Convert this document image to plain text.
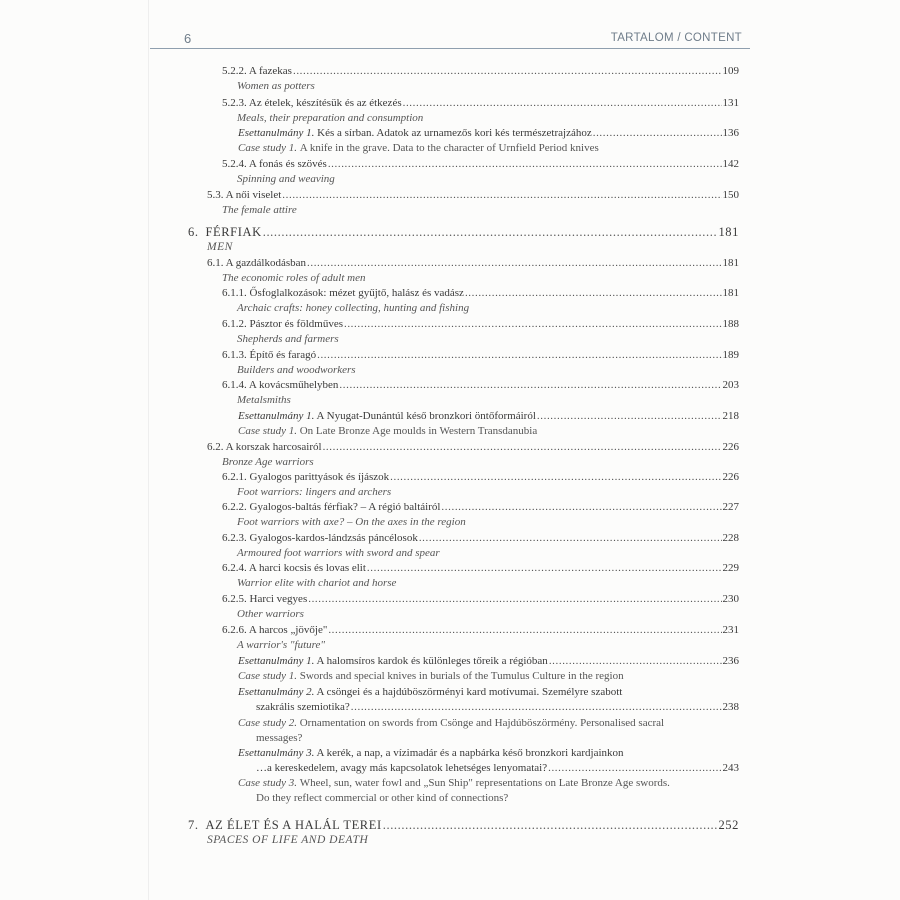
6	TARTALOM / CONTENT
5.2.2. A fazekas .....	109
Women as potters
5.2.3. Az ételek, készítésük és az étkezés .....	131
Meals, their preparation and consumption
Esettanulmány 1. Kés a sírban. Adatok az urnamezős kori kés természetrajzához .....	136
Case study 1. A knife in the grave. Data to the character of Urnfield Period knives
5.2.4. A fonás és szövés .....	142
Spinning and weaving
5.3. A női viselet .....	150
The female attire
6.  FÉRFIAK .....	181
MEN
6.1. A gazdálkodásban .....	181
The economic roles of adult men
6.1.1. Ősfoglalkozások: mézet gyűjtő, halász és vadász .....	181
Archaic crafts: honey collecting, hunting and fishing
6.1.2. Pásztor és földműves .....	188
Shepherds and farmers
6.1.3. Építő és faragó .....	189
Builders and woodworkers
6.1.4. A kovácsműhelyben .....	203
Metalsmiths
Esettanulmány 1. A Nyugat-Dunántúl késő bronzkori öntőformáiról .....	218
Case study 1. On Late Bronze Age moulds in Western Transdanubia
6.2. A korszak harcosairól .....	226
Bronze Age warriors
6.2.1. Gyalogos parittyások és íjászok .....	226
Foot warriors: lingers and archers
6.2.2. Gyalogos-baltás férfiak? – A régió baltáiról .....	227
Foot warriors with axe? – On the axes in the region
6.2.3. Gyalogos-kardos-lándzsás páncélosok .....	228
Armoured foot warriors with sword and spear
6.2.4. A harci kocsis és lovas elit .....	229
Warrior elite with chariot and horse
6.2.5. Harci vegyes .....	230
Other warriors
6.2.6. A harcos „jövője" .....	231
A warrior's "future"
Esettanulmány 1. A halomsíros kardok és különleges tőreik a régióban .....	236
Case study 1. Swords and special knives in burials of the Tumulus Culture in the region
Esettanulmány 2. A csöngei és a hajdúböszörményi kard motívumai. Személyre szabott
szakrális szemiotika? .....	238
Case study 2. Ornamentation on swords from Csönge and Hajdúböszörmény. Personalised sacral
messages?
Esettanulmány 3. A kerék, a nap, a vízimadár és a napbárka késő bronzkori kardjainkon
…a kereskedelem, avagy más kapcsolatok lehetséges lenyomatai? .....	243
Case study 3. Wheel, sun, water fowl and „Sun Ship" representations on Late Bronze Age swords.
Do they reflect commercial or other kind of connections?
7.  AZ ÉLET ÉS A HALÁL TEREI .....	252
SPACES OF LIFE AND DEATH
